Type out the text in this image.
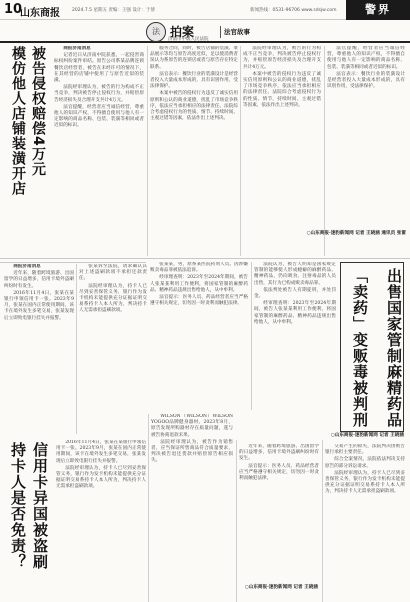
10
山东商报	2024.7.5 星期五 责编：王强 设计：于倩	新闻热线：0531-96706 www.sdsjw.com	警界
法 拍案
济南市中级人民法院
法官故事
模仿他人店铺装潢开店 被告侵权赔偿4万元	商报济南消息

记者近日从济南中院获悉，一起侵害商标权纠纷案件审结。原告公司系某品牌连锁餐饮店经营者，被告在未经许可的情况下，在其经营的店铺中使用了与原告近似的装潢。

法院经审理认为，被告的行为构成不正当竞争，判决被告停止侵权行为，并赔偿原告经济损失及合理开支共计4万元。

法官提醒，经营者应当诚信经营，尊重他人的知识产权，不得擅自使用与他人有一定影响的商品名称、包装、装潢等相同或者近似的标识。

服务合同，同时，被告店铺的装潢、菜品展示等均与原告高度近似，足以使消费者误认为系原告的连锁店或者与原告存在特定联系。

法官表示：餐饮行业的装潢设计是经营者投入大量成本形成的，具有识别作用，受法律保护。

本案中被告的侵权行为违反了诚实信用原则和公认的商业道德，扰乱了市场竞争秩序，依法应当承担相应的法律责任。法院综合考虑侵权行为的性质、情节、持续时间、主观过错等因素，依法作出上述判决。

法院经审理认为，被告的行为构成不正当竞争，判决被告停止侵权行为，并赔偿原告经济损失及合理开支共计4万元。

本案中被告的侵权行为违反了诚实信用原则和公认的商业道德，扰乱了市场竞争秩序，依法应当承担相应的法律责任。法院综合考虑侵权行为的性质、情节、持续时间、主观过错等因素，依法作出上述判决。

法官提醒，经营者应当诚信经营，尊重他人的知识产权，不得擅自使用与他人有一定影响的商品名称、包装、装潢等相同或者近似的标识。

法官表示：餐饮行业的装潢设计是经营者投入大量成本形成的，具有识别作用，受法律保护。

○山东商报·速豹新闻网 记者 王晓涵 通讯员 张雷

张某某，男，原系某医院药剂人员。因涉嫌贩卖毒品罪被依法追诉。

经审理查明：2023年至2024年期间，被告人张某某利用工作便利，将国家管制的麻醉药品、精神药品违规出售给他人，从中牟利。

法官提示：医务人员、药品经营者应当严格遵守相关规定，切勿因一时贪利而触犯法律。

法院认为，被告人明知是国家规定管制的能够使人形成瘾癖的麻醉药品、精神药品，仍向吸食、注射毒品的人员出售，其行为已构成贩卖毒品罪。

依法判处被告人有期徒刑，并处罚金。

经审理查明：2023年至2024年期间，被告人张某某利用工作便利，将国家管制的麻醉药品、精神药品违规出售给他人，从中牟利。	出售国家管制麻精药品
「卖药」变贩毒被判刑
○山东商报·速豹新闻网 记者 王晓涵

商报济南消息

近年来，随着跨境旅游、出国留学的日益增多，信用卡境外盗刷纠纷时有发生。

2016年11月4日，张某在某银行申领信用卡一张。2023年9月，张某在国内正常使用期间，该卡在境外发生多笔交易，张某发现后立即致电银行挂失并报警。

张某诉至法院，请求确认其对上述盗刷款项不承担还款责任。

法院经审理认为，持卡人已尽到妥善保管义务，银行作为发卡机构未能提供充分证据证明交易系持卡人本人所为，判决持卡人无需承担盗刷款项。

持卡人是否免责？ 信用卡异国被盗刷	2016年11月4日，张某在某银行申领信用卡一张。2023年9月，张某在国内正常使用期间，该卡在境外发生多笔交易，张某发现后立即致电银行挂失并报警。

法院经审理认为，持卡人已尽到妥善保管义务，银行作为发卡机构未能提供充分证据证明交易系持卡人本人所为，判决持卡人无需承担盗刷款项。

WILSON（WILSON）WILSON YOGOO品牌健身器材。2023年8月，原告发现所购器材存在质量问题，遂与被告协商退款未果。

法院经审理认为，被告作为销售者，应当保证所售商品符合质量要求，判决被告退还货款并赔偿原告相应损失。

近年来，随着跨境旅游、出国留学的日益增多，信用卡境外盗刷纠纷时有发生。

法官提示：医务人员、药品经营者应当严格遵守相关规定，切勿因一时贪利而触犯法律。

○山东商报·速豹新闻网 记者 王晓涵

交易产生的损失，法院判决由被告银行承担主要责任。

综合全案情况，法院依法判决支持原告的部分诉讼请求。

法院经审理认为，持卡人已尽到妥善保管义务，银行作为发卡机构未能提供充分证据证明交易系持卡人本人所为，判决持卡人无需承担盗刷款项。
